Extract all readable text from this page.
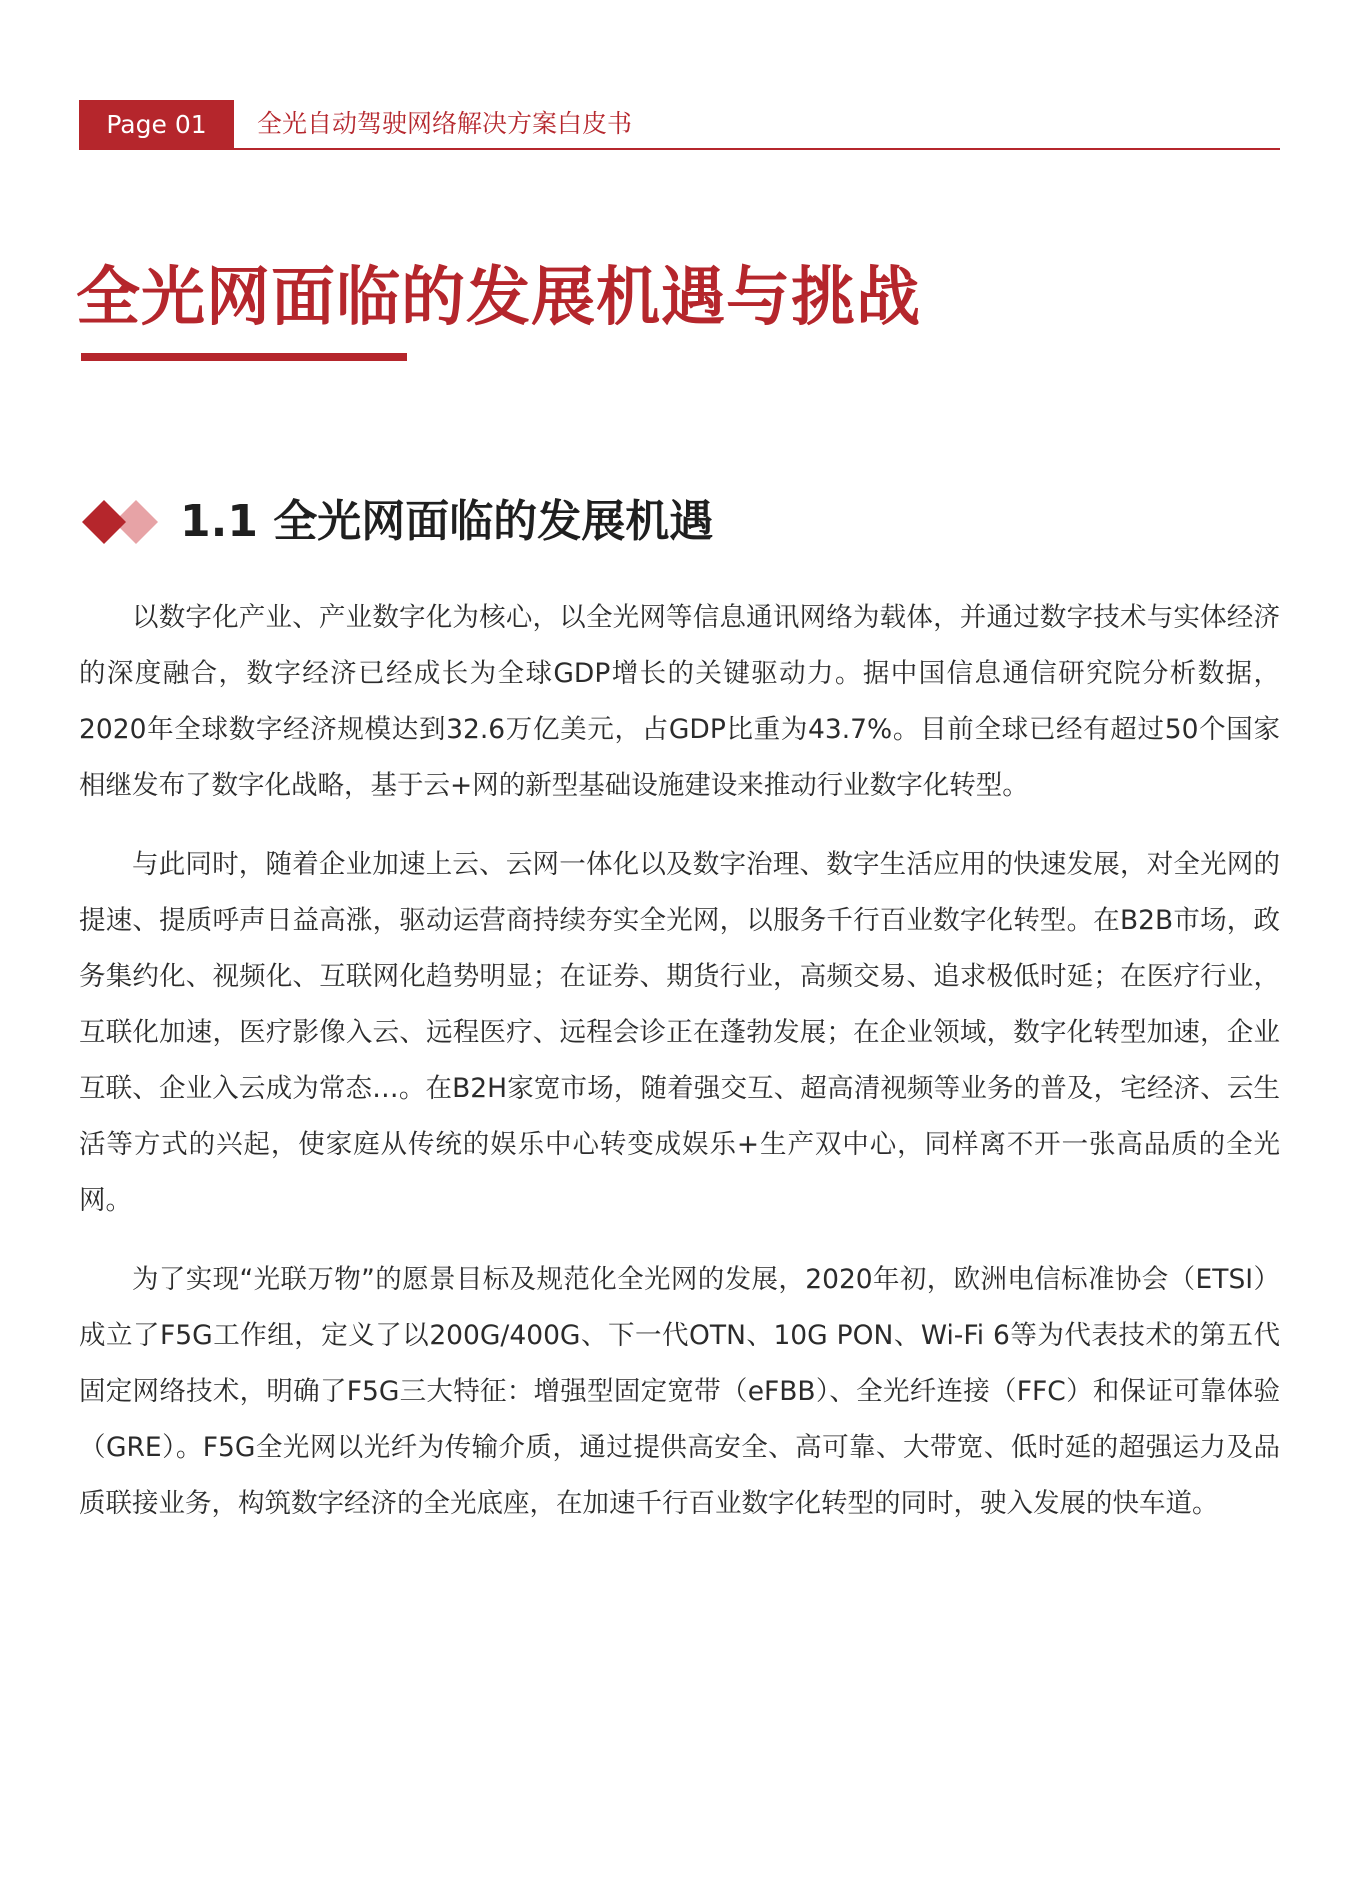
Page 01	全光自动驾驶网络解决方案白皮书
全光网面临的发展机遇与挑战
1.1 全光网面临的发展机遇

以数字化产业、产业数字化为核心，以全光网等信息通讯网络为载体，并通过数字技术与实体经济的深度融合，数字经济已经成长为全球GDP增长的关键驱动力。据中国信息通信研究院分析数据，2020年全球数字经济规模达到32.6万亿美元，占GDP比重为43.7%。目前全球已经有超过50个国家相继发布了数字化战略，基于云+网的新型基础设施建设来推动行业数字化转型。

与此同时，随着企业加速上云、云网一体化以及数字治理、数字生活应用的快速发展，对全光网的提速、提质呼声日益高涨，驱动运营商持续夯实全光网，以服务千行百业数字化转型。在B2B市场，政务集约化、视频化、互联网化趋势明显；在证券、期货行业，高频交易、追求极低时延；在医疗行业，互联化加速，医疗影像入云、远程医疗、远程会诊正在蓬勃发展；在企业领域，数字化转型加速，企业互联、企业入云成为常态…。在B2H家宽市场，随着强交互、超高清视频等业务的普及，宅经济、云生活等方式的兴起，使家庭从传统的娱乐中心转变成娱乐+生产双中心，同样离不开一张高品质的全光网。

为了实现“光联万物”的愿景目标及规范化全光网的发展，2020年初，欧洲电信标准协会（ETSI）成立了F5G工作组，定义了以200G/400G、下一代OTN、10G PON、Wi-Fi 6等为代表技术的第五代固定网络技术，明确了F5G三大特征：增强型固定宽带（eFBB）、全光纤连接（FFC）和保证可靠体验（GRE）。F5G全光网以光纤为传输介质，通过提供高安全、高可靠、大带宽、低时延的超强运力及品质联接业务，构筑数字经济的全光底座，在加速千行百业数字化转型的同时，驶入发展的快车道。
